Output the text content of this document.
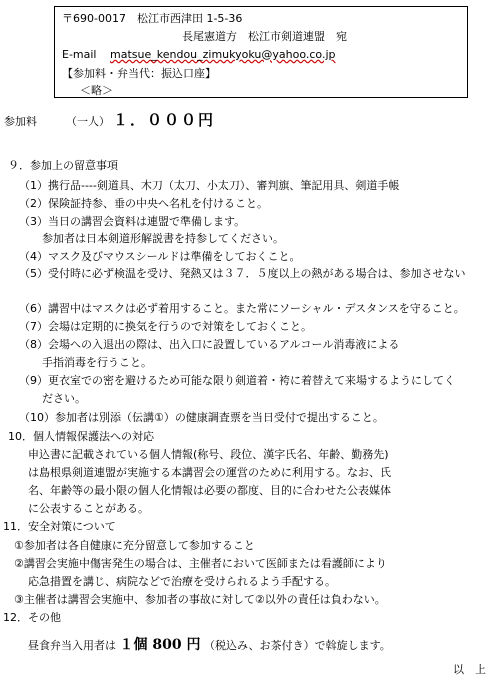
〒690-0017　松江市西津田 1-5-36
長尾憲道方　松江市剣道連盟　宛
E-mail matsue_kendou_zimukyoku@yahoo.co.jp
【参加料・弁当代：振込口座】
＜略＞
参加料	（一人） １．０００円
９．参加上の留意事項
（1）携行品----剣道具、木刀（太刀、小太刀）、審判旗、筆記用具、剣道手帳
（2）保険証持参、垂の中央へ名札を付けること。
（3）当日の講習会資料は連盟で準備します。
参加者は日本剣道形解説書を持参してください。
（4）マスク及びマウスシールドは準備をしておくこと。
（5）受付時に必ず検温を受け、発熱又は３７．５度以上の熱がある場合は、参加させない
（6）講習中はマスクは必ず着用すること。また常にソーシャル・デスタンスを守ること。
（7）会場は定期的に換気を行うので対策をしておくこと。
（8）会場への入退出の際は、出入口に設置しているアルコール消毒液による
手指消毒を行うこと。
（9）更衣室での密を避けるため可能な限り剣道着・袴に着替えて来場するようにしてく
ださい。
（10）参加者は別添（伝講①）の健康調査票を当日受付で提出すること。
10．個人情報保護法への対応
申込書に記載されている個人情報(称号、段位、漢字氏名、年齢、勤務先)
は島根県剣道連盟が実施する本講習会の運営のために利用する。なお、氏
名、年齢等の最小限の個人化情報は必要の都度、目的に合わせた公表媒体
に公表することがある。
11．安全対策について
①参加者は各自健康に充分留意して参加すること
②講習会実施中傷害発生の場合は、主催者において医師または看護師により
応急措置を講じ、病院などで治療を受けられるよう手配する。
③主催者は講習会実施中、参加者の事故に対して②以外の責任は負わない。
12．その他
昼食弁当入用者は １個 800 円 （税込み、お茶付き）で斡旋します。
以　上
